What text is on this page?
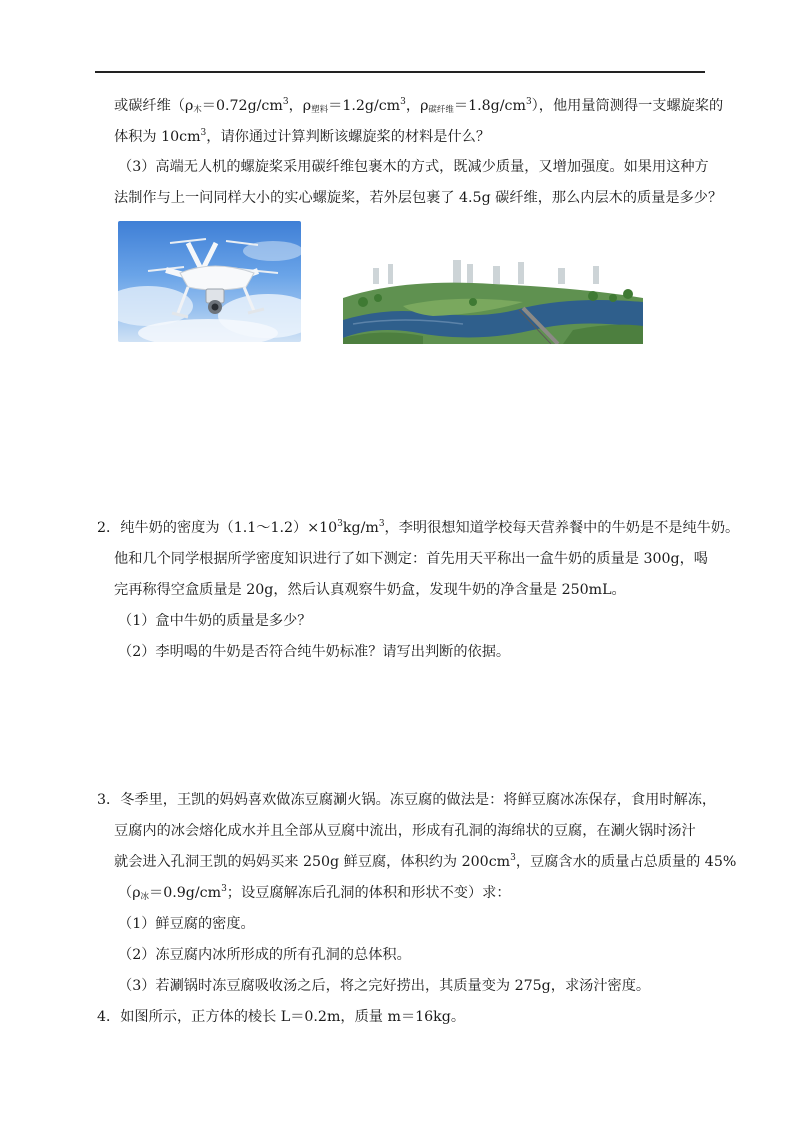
或碳纤维（$\rho_木=0.72g/cm^3$，$\rho_{塑料}=1.2g/cm^3$，$\rho_{碳纤维}=1.8g/cm^3$），他用量筒测得一支螺旋桨的
体积为 $10cm^3$，请你通过计算判断该螺旋桨的材料是什么？
（3）高端无人机的螺旋桨采用碳纤维包裹木的方式，既减少质量，又增加强度。如果用这种方
法制作与上一问同样大小的实心螺旋桨，若外层包裹了 4.5g 碳纤维，那么内层木的质量是多少？
2．纯牛奶的密度为$(1.1\sim 1.2)\times 10^3kg/m^3$，李明很想知道学校每天营养餐中的牛奶是不是纯牛奶。
他和几个同学根据所学密度知识进行了如下测定：首先用天平称出一盒牛奶的质量是 300g，喝
完再称得空盒质量是 20g，然后认真观察牛奶盒，发现牛奶的净含量是 250mL。
（1）盒中牛奶的质量是多少？
（2）李明喝的牛奶是否符合纯牛奶标准？请写出判断的依据。
3．冬季里，王凯的妈妈喜欢做冻豆腐涮火锅。冻豆腐的做法是：将鲜豆腐冰冻保存，食用时解冻，
豆腐内的冰会熔化成水并且全部从豆腐中流出，形成有孔洞的海绵状的豆腐，在涮火锅时汤汁
就会进入孔洞王凯的妈妈买来 250g 鲜豆腐，体积约为 $200cm^3$，豆腐含水的质量占总质量的 45%
（$\rho_冰=0.9g/cm^3$；设豆腐解冻后孔洞的体积和形状不变）求：
（1）鲜豆腐的密度。
（2）冻豆腐内冰所形成的所有孔洞的总体积。
（3）若涮锅时冻豆腐吸收汤之后，将之完好捞出，其质量变为 275g，求汤汁密度。
4．如图所示，正方体的棱长 L＝0.2m，质量 m＝16kg。
